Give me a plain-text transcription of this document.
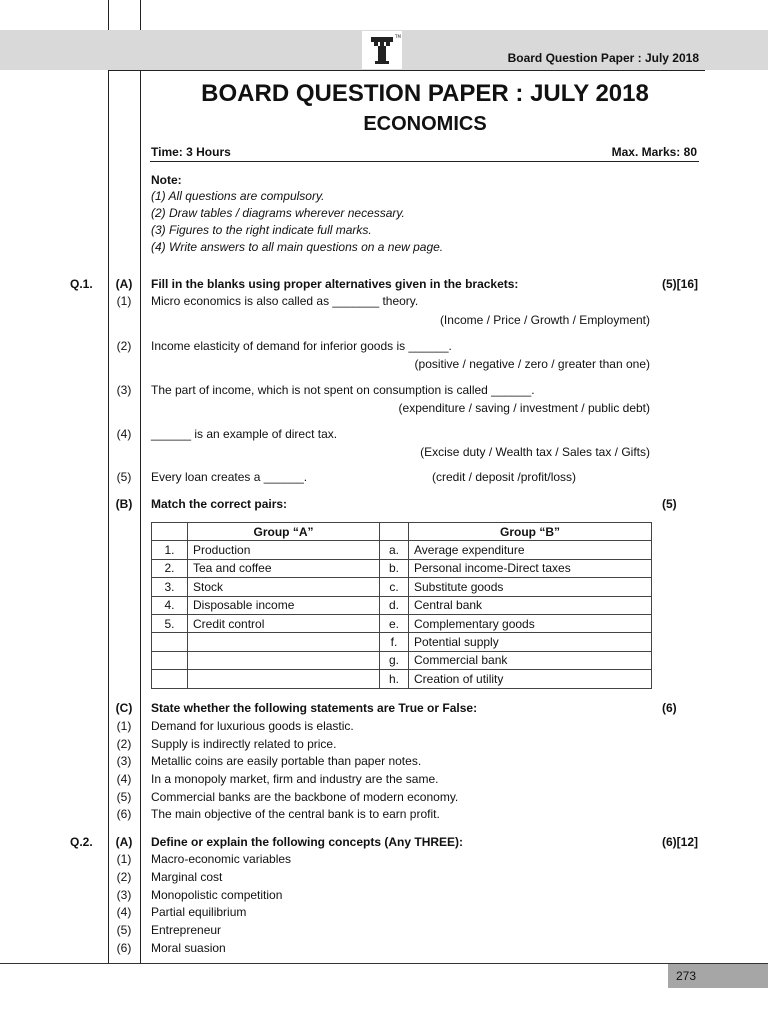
TM
Board Question Paper : July 2018
BOARD QUESTION PAPER : JULY 2018
ECONOMICS
Time: 3 Hours	Max. Marks: 80
Note:
(1) All questions are compulsory.
(2) Draw tables / diagrams wherever necessary.
(3) Figures to the right indicate full marks.
(4) Write answers to all main questions on a new page.
Q.1.	(A)	Fill in the blanks using proper alternatives given in the brackets:	(5)[16]
(1)	Micro economics is also called as _______ theory.
(Income / Price / Growth / Employment)
(2)	Income elasticity of demand for inferior goods is ______.
(positive / negative / zero / greater than one)
(3)	The part of income, which is not spent on consumption is called ______.
(expenditure / saving / investment / public debt)
(4)	______ is an example of direct tax.
(Excise duty / Wealth tax / Sales tax / Gifts)
(5)	Every loan creates a ______.	(credit / deposit /profit/loss)
(B)	Match the correct pairs:	(5)
	Group “A”		Group “B”
1.	Production	a.	Average expenditure
2.	Tea and coffee	b.	Personal income-Direct taxes
3.	Stock	c.	Substitute goods
4.	Disposable income	d.	Central bank
5.	Credit control	e.	Complementary goods
		f.	Potential supply
		g.	Commercial bank
		h.	Creation of utility
(C)	State whether the following statements are True or False:	(6)
(1)	Demand for luxurious goods is elastic.
(2)	Supply is indirectly related to price.
(3)	Metallic coins are easily portable than paper notes.
(4)	In a monopoly market, firm and industry are the same.
(5)	Commercial banks are the backbone of modern economy.
(6)	The main objective of the central bank is to earn profit.
Q.2.	(A)	Define or explain the following concepts (Any THREE):	(6)[12]
(1)	Macro-economic variables
(2)	Marginal cost
(3)	Monopolistic competition
(4)	Partial equilibrium
(5)	Entrepreneur
(6)	Moral suasion
273
